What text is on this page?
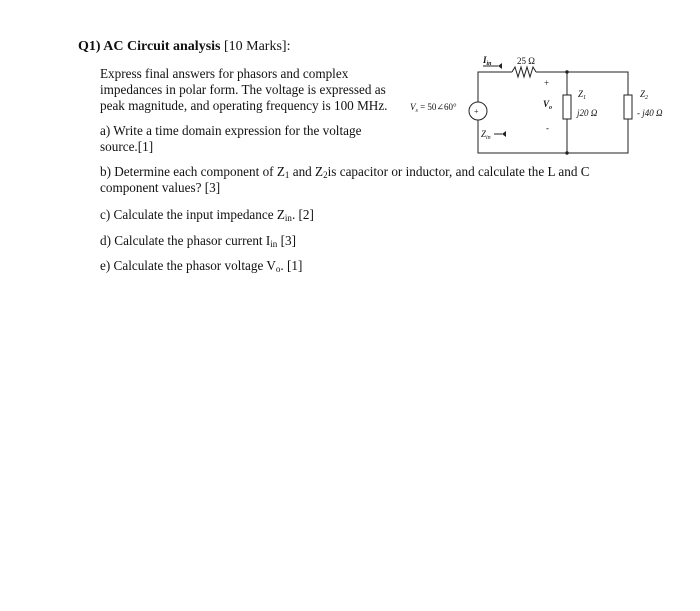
Q1) AC Circuit analysis [10 Marks]:
Express final answers for phasors and complex impedances in polar form. The voltage is expressed as peak magnitude, and operating frequency is 100 MHz.
a) Write a time domain expression for the voltage source.[1]
b) Determine each component of $Z_1$ and $Z_2is$ capacitor or inductor, and calculate the L and C component values? [3]
c) Calculate the input impedance $Z_{in}$. [2]
d) Calculate the phasor current $I_{in}$ [3]
e) Calculate the phasor voltage $V_o$. [1]
+
25 Ω
$I_{in}$
$V_s$ = 50∠60°
$Z_{in}$
+
$V_o$
-
$Z_1$
j20 Ω
$Z_2$
- j40 Ω
